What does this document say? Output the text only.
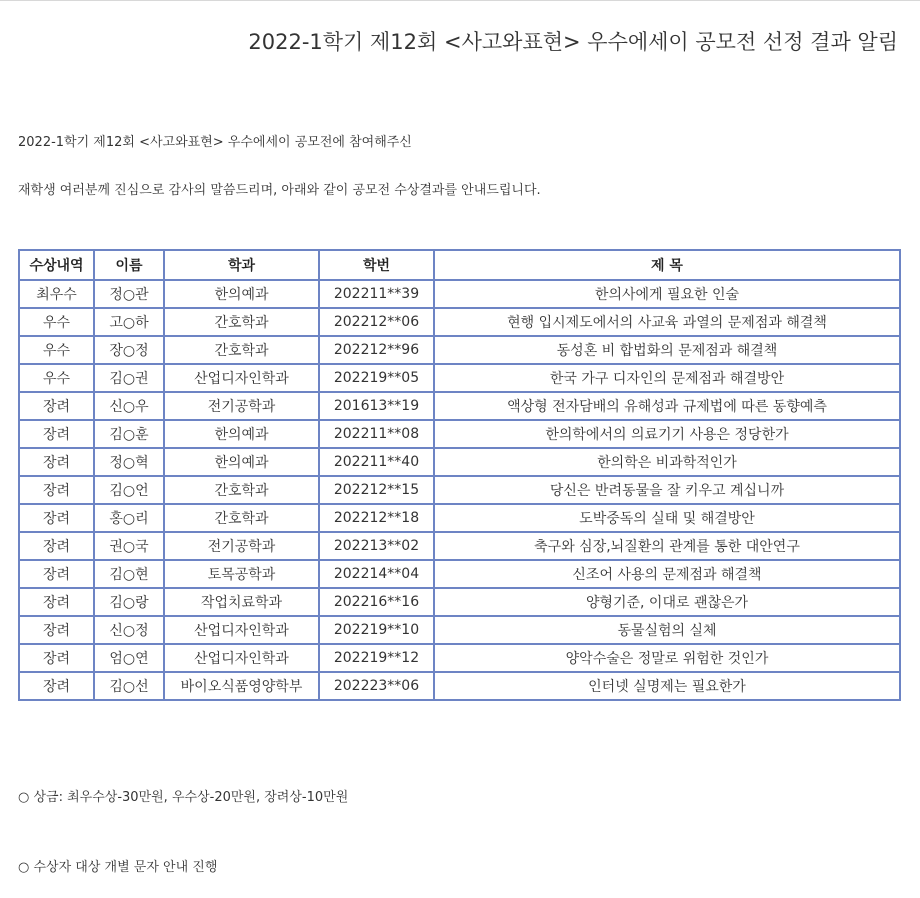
2022-1학기 제12회 <사고와표현> 우수에세이 공모전 선정 결과 알림
2022-1학기 제12회 <사고와표현> 우수에세이 공모전에 참여해주신
재학생 여러분께 진심으로 감사의 말씀드리며, 아래와 같이 공모전 수상결과를 안내드립니다.
수상내역	이름	학과	학번	제 목
최우수	정○관	한의예과	202211**39	한의사에게 필요한 인술
우수	고○하	간호학과	202212**06	현행 입시제도에서의 사교육 과열의 문제점과 해결책
우수	장○정	간호학과	202212**96	동성혼 비 합법화의 문제점과 해결책
우수	김○권	산업디자인학과	202219**05	한국 가구 디자인의 문제점과 해결방안
장려	신○우	전기공학과	201613**19	액상형 전자담배의 유해성과 규제법에 따른 동향예측
장려	김○훈	한의예과	202211**08	한의학에서의 의료기기 사용은 정당한가
장려	정○혁	한의예과	202211**40	한의학은 비과학적인가
장려	김○언	간호학과	202212**15	당신은 반려동물을 잘 키우고 계십니까
장려	홍○리	간호학과	202212**18	도박중독의 실태 및 해결방안
장려	권○국	전기공학과	202213**02	축구와 심장,뇌질환의 관계를 통한 대안연구
장려	김○현	토목공학과	202214**04	신조어 사용의 문제점과 해결책
장려	김○랑	작업치료학과	202216**16	양형기준, 이대로 괜찮은가
장려	신○정	산업디자인학과	202219**10	동물실험의 실체
장려	엄○연	산업디자인학과	202219**12	양악수술은 정말로 위험한 것인가
장려	김○선	바이오식품영양학부	202223**06	인터넷 실명제는 필요한가
○ 상금: 최우수상-30만원, 우수상-20만원, 장려상-10만원
○ 수상자 대상 개별 문자 안내 진행
